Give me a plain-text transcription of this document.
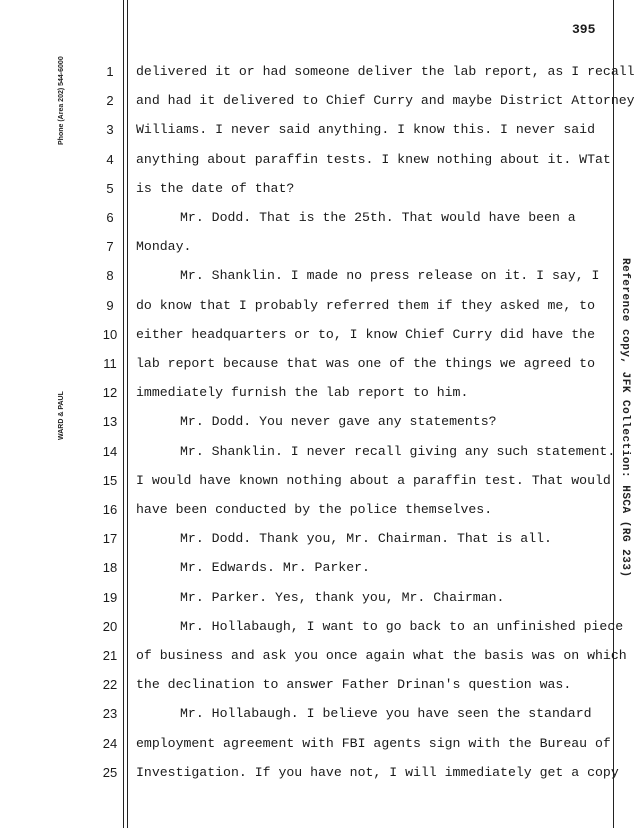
395
Phone (Area 202) 544-6000
WARD & PAUL	Reference copy, JFK Collection: HSCA (RG 233)
1	delivered it or had someone deliver the lab report, as I recall
2	and had it delivered to Chief Curry and maybe District Attorney
3	Williams. I never said anything. I know this. I never said
4	anything about paraffin tests. I knew nothing about it. WTat
5	is the date of that?
6	Mr. Dodd. That is the 25th. That would have been a
7	Monday.
8	Mr. Shanklin. I made no press release on it. I say, I
9	do know that I probably referred them if they asked me, to
10	either headquarters or to, I know Chief Curry did have the
11	lab report because that was one of the things we agreed to
12	immediately furnish the lab report to him.
13	Mr. Dodd. You never gave any statements?
14	Mr. Shanklin. I never recall giving any such statement.
15	I would have known nothing about a paraffin test. That would
16	have been conducted by the police themselves.
17	Mr. Dodd. Thank you, Mr. Chairman. That is all.
18	Mr. Edwards. Mr. Parker.
19	Mr. Parker. Yes, thank you, Mr. Chairman.
20	Mr. Hollabaugh, I want to go back to an unfinished piece
21	of business and ask you once again what the basis was on which
22	the declination to answer Father Drinan's question was.
23	Mr. Hollabaugh. I believe you have seen the standard
24	employment agreement with FBI agents sign with the Bureau of
25	Investigation. If you have not, I will immediately get a copy
